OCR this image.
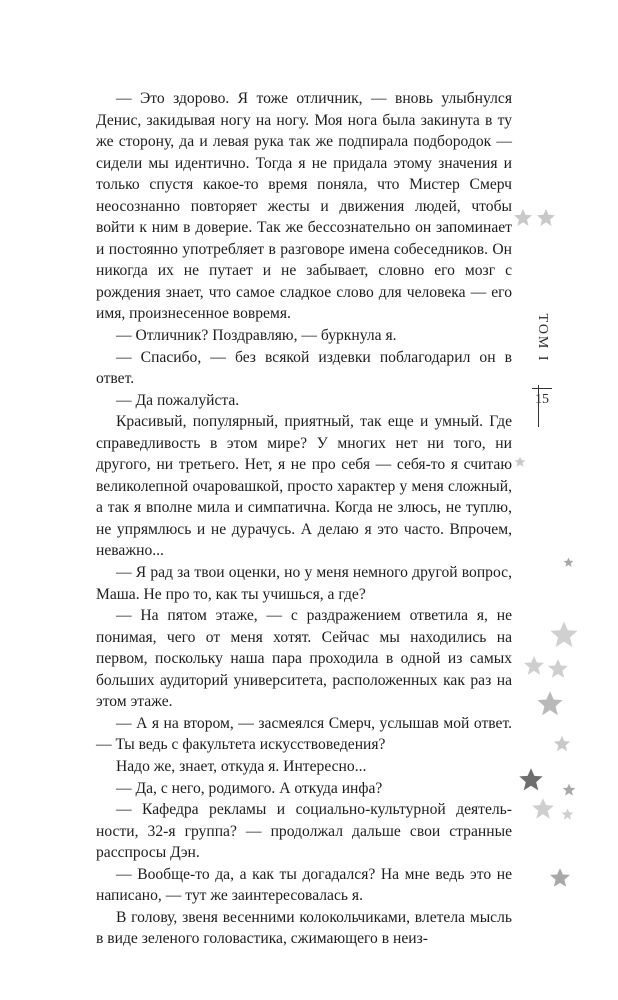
— Это здорово. Я тоже отличник, — вновь улыбнулся Денис, закидывая ногу на ногу. Моя нога была закинута в ту же сторону, да и левая рука так же подпирала подбородок — сидели мы идентично. Тогда я не придала этому значения и только спустя какое-то время поняла, что Мистер Смерч неосознанно повторяет жесты и движения людей, чтобы войти к ним в доверие. Так же бессознательно он запоминает и постоянно употребляет в разговоре имена собеседников. Он никогда их не путает и не забывает, словно его мозг с рождения знает, что самое сладкое слово для человека — его имя, произнесенное вовремя.

— Отличник? Поздравляю, — буркнула я.

— Спасибо, — без всякой издевки поблагодарил он в ответ.

— Да пожалуйста.

Красивый, популярный, приятный, так еще и умный. Где справедливость в этом мире? У многих нет ни того, ни другого, ни третьего. Нет, я не про себя — себя-то я считаю великолепной очаровашкой, просто характер у меня сложный, а так я вполне мила и симпатична. Когда не злюсь, не туплю, не упрямлюсь и не дурачусь. А делаю я это часто. Впрочем, неважно...

— Я рад за твои оценки, но у меня немного другой вопрос, Маша. Не про то, как ты учишься, а где?

— На пятом этаже, — с раздражением ответила я, не понимая, чего от меня хотят. Сейчас мы находились на первом, поскольку наша пара проходила в одной из самых больших аудиторий университета, расположенных как раз на этом этаже.

— А я на втором, — засмеялся Смерч, услышав мой ответ. — Ты ведь с факультета искусствоведения?

Надо же, знает, откуда я. Интересно...

— Да, с него, родимого. А откуда инфа?

— Кафедра рекламы и социально-культурной деятельности, 32-я группа? — продолжал дальше свои странные расспросы Дэн.

— Вообще-то да, а как ты догадался? На мне ведь это не написано, — тут же заинтересовалась я.

В голову, звеня весенними колокольчиками, влетела мысль в виде зеленого головастика, сжимающего в неиз-

ТОМ I
15
